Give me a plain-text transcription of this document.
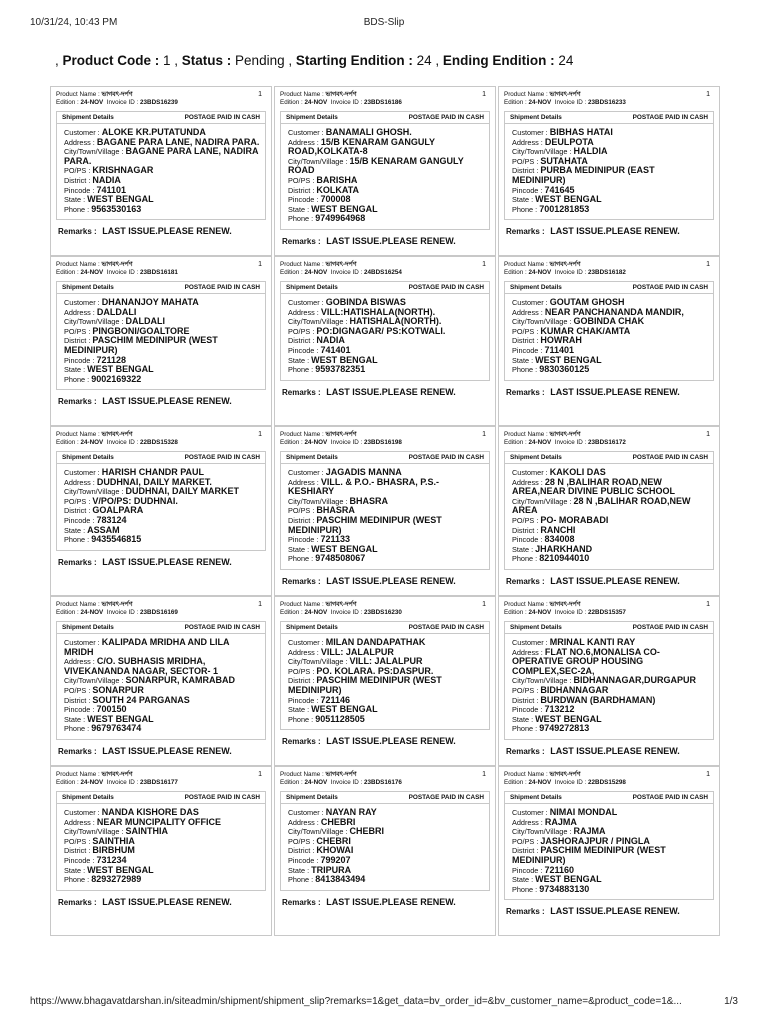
10/31/24, 10:43 PM	BDS-Slip
, Product Code : 1 , Status : Pending , Starting Endition : 24 , Ending Endition : 24
Product Name : ভাগবৎ-দর্পণ	1
Edition : 24-NOV Invoice ID : 23BDS16239
Shipment Details	POSTAGE PAID IN CASH
Customer : ALOKE KR.PUTATUNDA
Address : BAGANE PARA LANE, NADIRA PARA.
City/Town/Village : BAGANE PARA LANE, NADIRA PARA.
PO/PS : KRISHNAGAR
District : NADIA
Pincode : 741101
State : WEST BENGAL
Phone : 9563530163
Remarks : LAST ISSUE.PLEASE RENEW.
Product Name : ভাগবৎ-দর্পণ	1
Edition : 24-NOV Invoice ID : 23BDS16186
Shipment Details	POSTAGE PAID IN CASH
Customer : BANAMALI GHOSH.
Address : 15/B KENARAM GANGULY ROAD,KOLKATA-8
City/Town/Village : 15/B KENARAM GANGULY ROAD
PO/PS : BARISHA
District : KOLKATA
Pincode : 700008
State : WEST BENGAL
Phone : 9749964968
Remarks : LAST ISSUE.PLEASE RENEW.
Product Name : ভাগবৎ-দর্পণ	1
Edition : 24-NOV Invoice ID : 23BDS16233
Shipment Details	POSTAGE PAID IN CASH
Customer : BIBHAS HATAI
Address : DEULPOTA
City/Town/Village : HALDIA
PO/PS : SUTAHATA
District : PURBA MEDINIPUR (EAST MEDINIPUR)
Pincode : 741645
State : WEST BENGAL
Phone : 7001281853
Remarks : LAST ISSUE.PLEASE RENEW.
Product Name : ভাগবৎ-দর্পণ	1
Edition : 24-NOV Invoice ID : 23BDS16181
Shipment Details	POSTAGE PAID IN CASH
Customer : DHANANJOY MAHATA
Address : DALDALI
City/Town/Village : DALDALI
PO/PS : PINGBONI/GOALTORE
District : PASCHIM MEDINIPUR (WEST MEDINIPUR)
Pincode : 721128
State : WEST BENGAL
Phone : 9002169322
Remarks : LAST ISSUE.PLEASE RENEW.
Product Name : ভাগবৎ-দর্পণ	1
Edition : 24-NOV Invoice ID : 24BDS16254
Shipment Details	POSTAGE PAID IN CASH
Customer : GOBINDA BISWAS
Address : VILL:HATISHALA(NORTH).
City/Town/Village : HATISHALA(NORTH).
PO/PS : PO:DIGNAGAR/ PS:KOTWALI.
District : NADIA
Pincode : 741401
State : WEST BENGAL
Phone : 9593782351
Remarks : LAST ISSUE.PLEASE RENEW.
Product Name : ভাগবৎ-দর্পণ	1
Edition : 24-NOV Invoice ID : 23BDS16182
Shipment Details	POSTAGE PAID IN CASH
Customer : GOUTAM GHOSH
Address : NEAR PANCHANANDA MANDIR,
City/Town/Village : GOBINDA CHAK
PO/PS : KUMAR CHAK/AMTA
District : HOWRAH
Pincode : 711401
State : WEST BENGAL
Phone : 9830360125
Remarks : LAST ISSUE.PLEASE RENEW.
Product Name : ভাগবৎ-দর্পণ	1
Edition : 24-NOV Invoice ID : 22BDS15328
Shipment Details	POSTAGE PAID IN CASH
Customer : HARISH CHANDR PAUL
Address : DUDHNAI, DAILY MARKET.
City/Town/Village : DUDHNAI, DAILY MARKET
PO/PS : V/PO/PS: DUDHNAI.
District : GOALPARA
Pincode : 783124
State : ASSAM
Phone : 9435546815
Remarks : LAST ISSUE.PLEASE RENEW.
Product Name : ভাগবৎ-দর্পণ	1
Edition : 24-NOV Invoice ID : 23BDS16198
Shipment Details	POSTAGE PAID IN CASH
Customer : JAGADIS MANNA
Address : VILL. & P.O.- BHASRA, P.S.- KESHIARY
City/Town/Village : BHASRA
PO/PS : BHASRA
District : PASCHIM MEDINIPUR (WEST MEDINIPUR)
Pincode : 721133
State : WEST BENGAL
Phone : 9748508067
Remarks : LAST ISSUE.PLEASE RENEW.
Product Name : ভাগবৎ-দর্পণ	1
Edition : 24-NOV Invoice ID : 23BDS16172
Shipment Details	POSTAGE PAID IN CASH
Customer : KAKOLI DAS
Address : 28 N ,BALIHAR ROAD,NEW AREA,NEAR DIVINE PUBLIC SCHOOL
City/Town/Village : 28 N ,BALIHAR ROAD,NEW AREA
PO/PS : PO- MORABADI
District : RANCHI
Pincode : 834008
State : JHARKHAND
Phone : 8210944010
Remarks : LAST ISSUE.PLEASE RENEW.
Product Name : ভাগবৎ-দর্পণ	1
Edition : 24-NOV Invoice ID : 23BDS16169
Shipment Details	POSTAGE PAID IN CASH
Customer : KALIPADA MRIDHA AND LILA MRIDH
Address : C/O. SUBHASIS MRIDHA, VIVEKANANDA NAGAR, SECTOR- 1
City/Town/Village : SONARPUR, KAMRABAD
PO/PS : SONARPUR
District : SOUTH 24 PARGANAS
Pincode : 700150
State : WEST BENGAL
Phone : 9679763474
Remarks : LAST ISSUE.PLEASE RENEW.
Product Name : ভাগবৎ-দর্পণ	1
Edition : 24-NOV Invoice ID : 23BDS16230
Shipment Details	POSTAGE PAID IN CASH
Customer : MILAN DANDAPATHAK
Address : VILL: JALALPUR
City/Town/Village : VILL: JALALPUR
PO/PS : PO. KOLARA. PS:DASPUR.
District : PASCHIM MEDINIPUR (WEST MEDINIPUR)
Pincode : 721146
State : WEST BENGAL
Phone : 9051128505
Remarks : LAST ISSUE.PLEASE RENEW.
Product Name : ভাগবৎ-দর্পণ	1
Edition : 24-NOV Invoice ID : 22BDS15357
Shipment Details	POSTAGE PAID IN CASH
Customer : MRINAL KANTI RAY
Address : FLAT NO.6,MONALISA CO-OPERATIVE GROUP HOUSING COMPLEX,SEC-2A,
City/Town/Village : BIDHANNAGAR,DURGAPUR
PO/PS : BIDHANNAGAR
District : BURDWAN (BARDHAMAN)
Pincode : 713212
State : WEST BENGAL
Phone : 9749272813
Remarks : LAST ISSUE.PLEASE RENEW.
Product Name : ভাগবৎ-দর্পণ	1
Edition : 24-NOV Invoice ID : 23BDS16177
Shipment Details	POSTAGE PAID IN CASH
Customer : NANDA KISHORE DAS
Address : NEAR MUNCIPALITY OFFICE
City/Town/Village : SAINTHIA
PO/PS : SAINTHIA
District : BIRBHUM
Pincode : 731234
State : WEST BENGAL
Phone : 8293272989
Remarks : LAST ISSUE.PLEASE RENEW.
Product Name : ভাগবৎ-দর্পণ	1
Edition : 24-NOV Invoice ID : 23BDS16176
Shipment Details	POSTAGE PAID IN CASH
Customer : NAYAN RAY
Address : CHEBRI
City/Town/Village : CHEBRI
PO/PS : CHEBRI
District : KHOWAI
Pincode : 799207
State : TRIPURA
Phone : 8413843494
Remarks : LAST ISSUE.PLEASE RENEW.
Product Name : ভাগবৎ-দর্পণ	1
Edition : 24-NOV Invoice ID : 22BDS15298
Shipment Details	POSTAGE PAID IN CASH
Customer : NIMAI MONDAL
Address : RAJMA
City/Town/Village : RAJMA
PO/PS : JASHORAJPUR / PINGLA
District : PASCHIM MEDINIPUR (WEST MEDINIPUR)
Pincode : 721160
State : WEST BENGAL
Phone : 9734883130
Remarks : LAST ISSUE.PLEASE RENEW.
https://www.bhagavatdarshan.in/siteadmin/shipment/shipment_slip?remarks=1&get_data=bv_order_id=&bv_customer_name=&product_code=1&...	1/3
